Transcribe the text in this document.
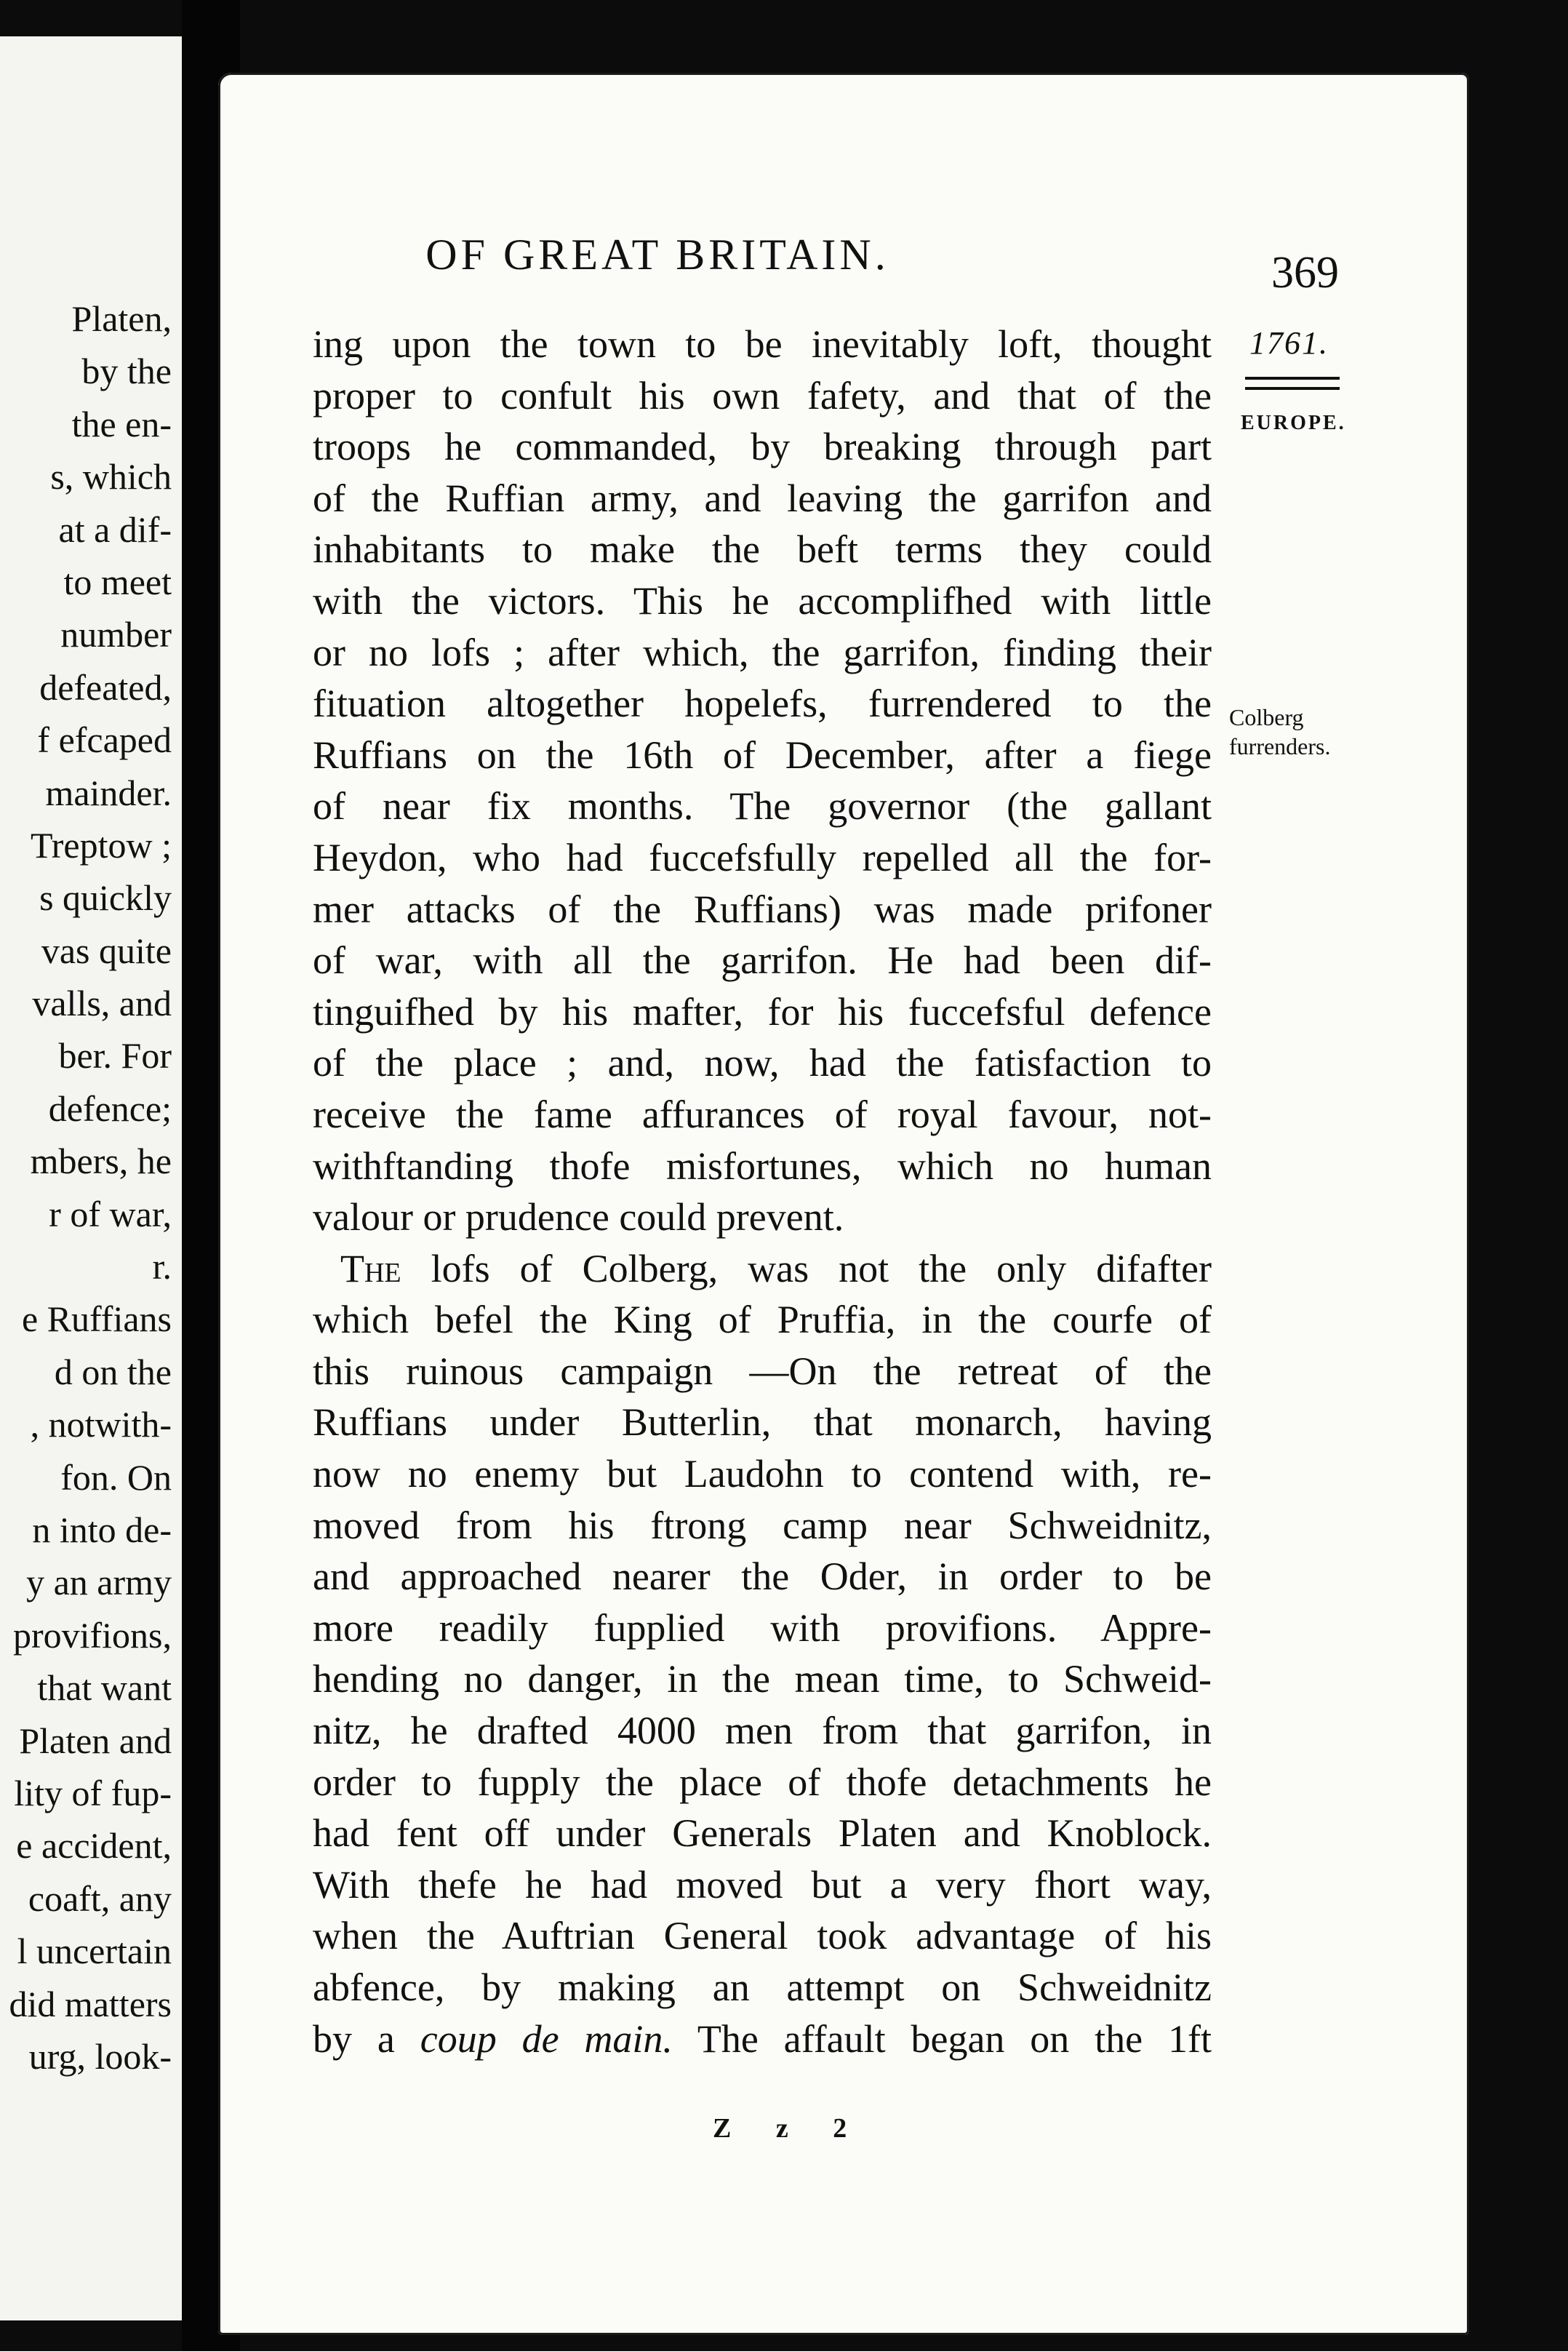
Platen,
by the
the en-
s, which
at a dif-
to meet
number
defeated,
f efcaped
mainder.
Treptow ;
s quickly
vas quite
valls, and
ber. For
defence;
mbers, he
r of war,
r.
e Ruffians
d on the
, notwith-
fon. On
n into de-
y an army
provifions,
that want
Platen and
lity of fup-
e accident,
coaft, any
l uncertain
did matters
urg, look-
OF GREAT BRITAIN.	369
1761.
EUROPE.
Colberg
furrenders.
ing upon the town to be inevitably loft, thought
proper to confult his own fafety, and that of the
troops he commanded, by breaking through part
of the Ruffian army, and leaving the garrifon and
inhabitants to make the beft terms they could
with the victors. This he accomplifhed with little
or no lofs ; after which, the garrifon, finding their
fituation altogether hopelefs, furrendered to the
Ruffians on the 16th of December, after a fiege
of near fix months. The governor (the gallant
Heydon, who had fuccefsfully repelled all the for-
mer attacks of the Ruffians) was made prifoner
of war, with all the garrifon. He had been dif-
tinguifhed by his mafter, for his fuccefsful defence
of the place ; and, now, had the fatisfaction to
receive the fame affurances of royal favour, not-
withftanding thofe misfortunes, which no human
valour or prudence could prevent.
The lofs of Colberg, was not the only difafter
which befel the King of Pruffia, in the courfe of
this ruinous campaign —On the retreat of the
Ruffians under Butterlin, that monarch, having
now no enemy but Laudohn to contend with, re-
moved from his ftrong camp near Schweidnitz,
and approached nearer the Oder, in order to be
more readily fupplied with provifions. Appre-
hending no danger, in the mean time, to Schweid-
nitz, he drafted 4000 men from that garrifon, in
order to fupply the place of thofe detachments he
had fent off under Generals Platen and Knoblock.
With thefe he had moved but a very fhort way,
when the Auftrian General took advantage of his
abfence, by making an attempt on Schweidnitz
by a coup de main. The affault began on the 1ft
Z z 2
